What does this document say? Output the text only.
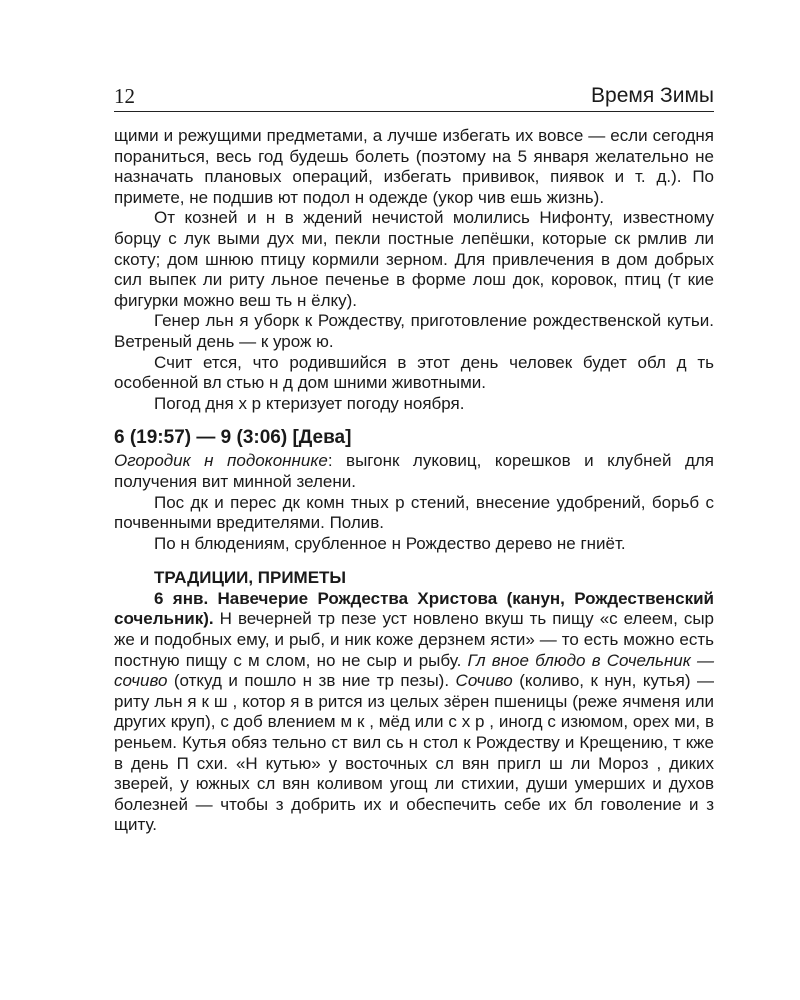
12	Время Зимы

щими и режущими предметами, а лучше избегать их вовсе — если сегодня пораниться, весь год будешь болеть (поэтому на 5 января желательно не назначать плановых операций, избегать прививок, пиявок и т. д.). По примете, не подшив ют подол н одежде (укор чив ешь жизнь).

От козней и н в ждений нечистой молились Нифонту, известному борцу с лук выми дух ми, пекли постные лепёшки, которые ск рмлив ли скоту; дом шнюю птицу кормили зерном. Для привлечения в дом добрых сил выпек ли риту льное печенье в форме лош док, коровок, птиц (т кие фигурки можно веш ть н ёлку).

Генер льн я уборк к Рождеству, приготовление рождественской кутьи. Ветреный день — к урож ю.

Счит ется, что родившийся в этот день человек будет обл д ть особенной вл стью н д дом шними животными.

Погод дня х р ктеризует погоду ноября.

6 (19:57) — 9 (3:06) [Дева]

Огородик н подоконнике: выгонк луковиц, корешков и клубней для получения вит минной зелени.

Пос дк и перес дк комн тных р стений, внесение удобрений, борьб с почвенными вредителями. Полив.

По н блюдениям, срубленное н Рождество дерево не гниёт.

ТРАДИЦИИ, ПРИМЕТЫ

6 янв. Навечерие Рождества Христова (канун, Рождественский сочельник). Н вечерней тр пезе уст новлено вкуш ть пищу «с елеем, сыр же и подобных ему, и рыб, и ник коже дерзнем ясти» — то есть можно есть постную пищу с м слом, но не сыр и рыбу. Гл вное блюдо в Сочельник — сочиво (откуд и пошло н зв ние тр пезы). Сочиво (коливо, к нун, кутья) — риту льн я к ш , котор я в рится из целых зёрен пшеницы (реже ячменя или других круп), с доб влением м к , мёд или с х р , иногд с изюмом, орех ми, в реньем. Кутья обяз тельно ст вил сь н стол к Рождеству и Крещению, т кже в день П сxи. «Н кутью» у восточных сл вян пригл ш ли Мороз , диких зверей, у южных сл вян коливом угощ ли стихии, души умерших и духов болезней — чтобы з добрить их и обеспечить себе их бл говоление и з щиту.
